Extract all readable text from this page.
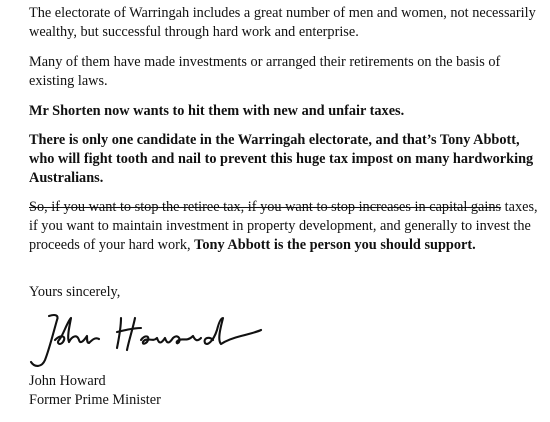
The electorate of Warringah includes a great number of men and women, not necessarily wealthy, but successful through hard work and enterprise.

Many of them have made investments or arranged their retirements on the basis of existing laws.

Mr Shorten now wants to hit them with new and unfair taxes.

There is only one candidate in the Warringah electorate, and that’s Tony Abbott, who will fight tooth and nail to prevent this huge tax impost on many hardworking Australians.

So, if you want to stop the retiree tax, if you want to stop increases in capital gains taxes, if you want to maintain investment in property development, and generally to invest the proceeds of your hard work, Tony Abbott is the person you should support.

Yours sincerely,

John Howard

Former Prime Minister
